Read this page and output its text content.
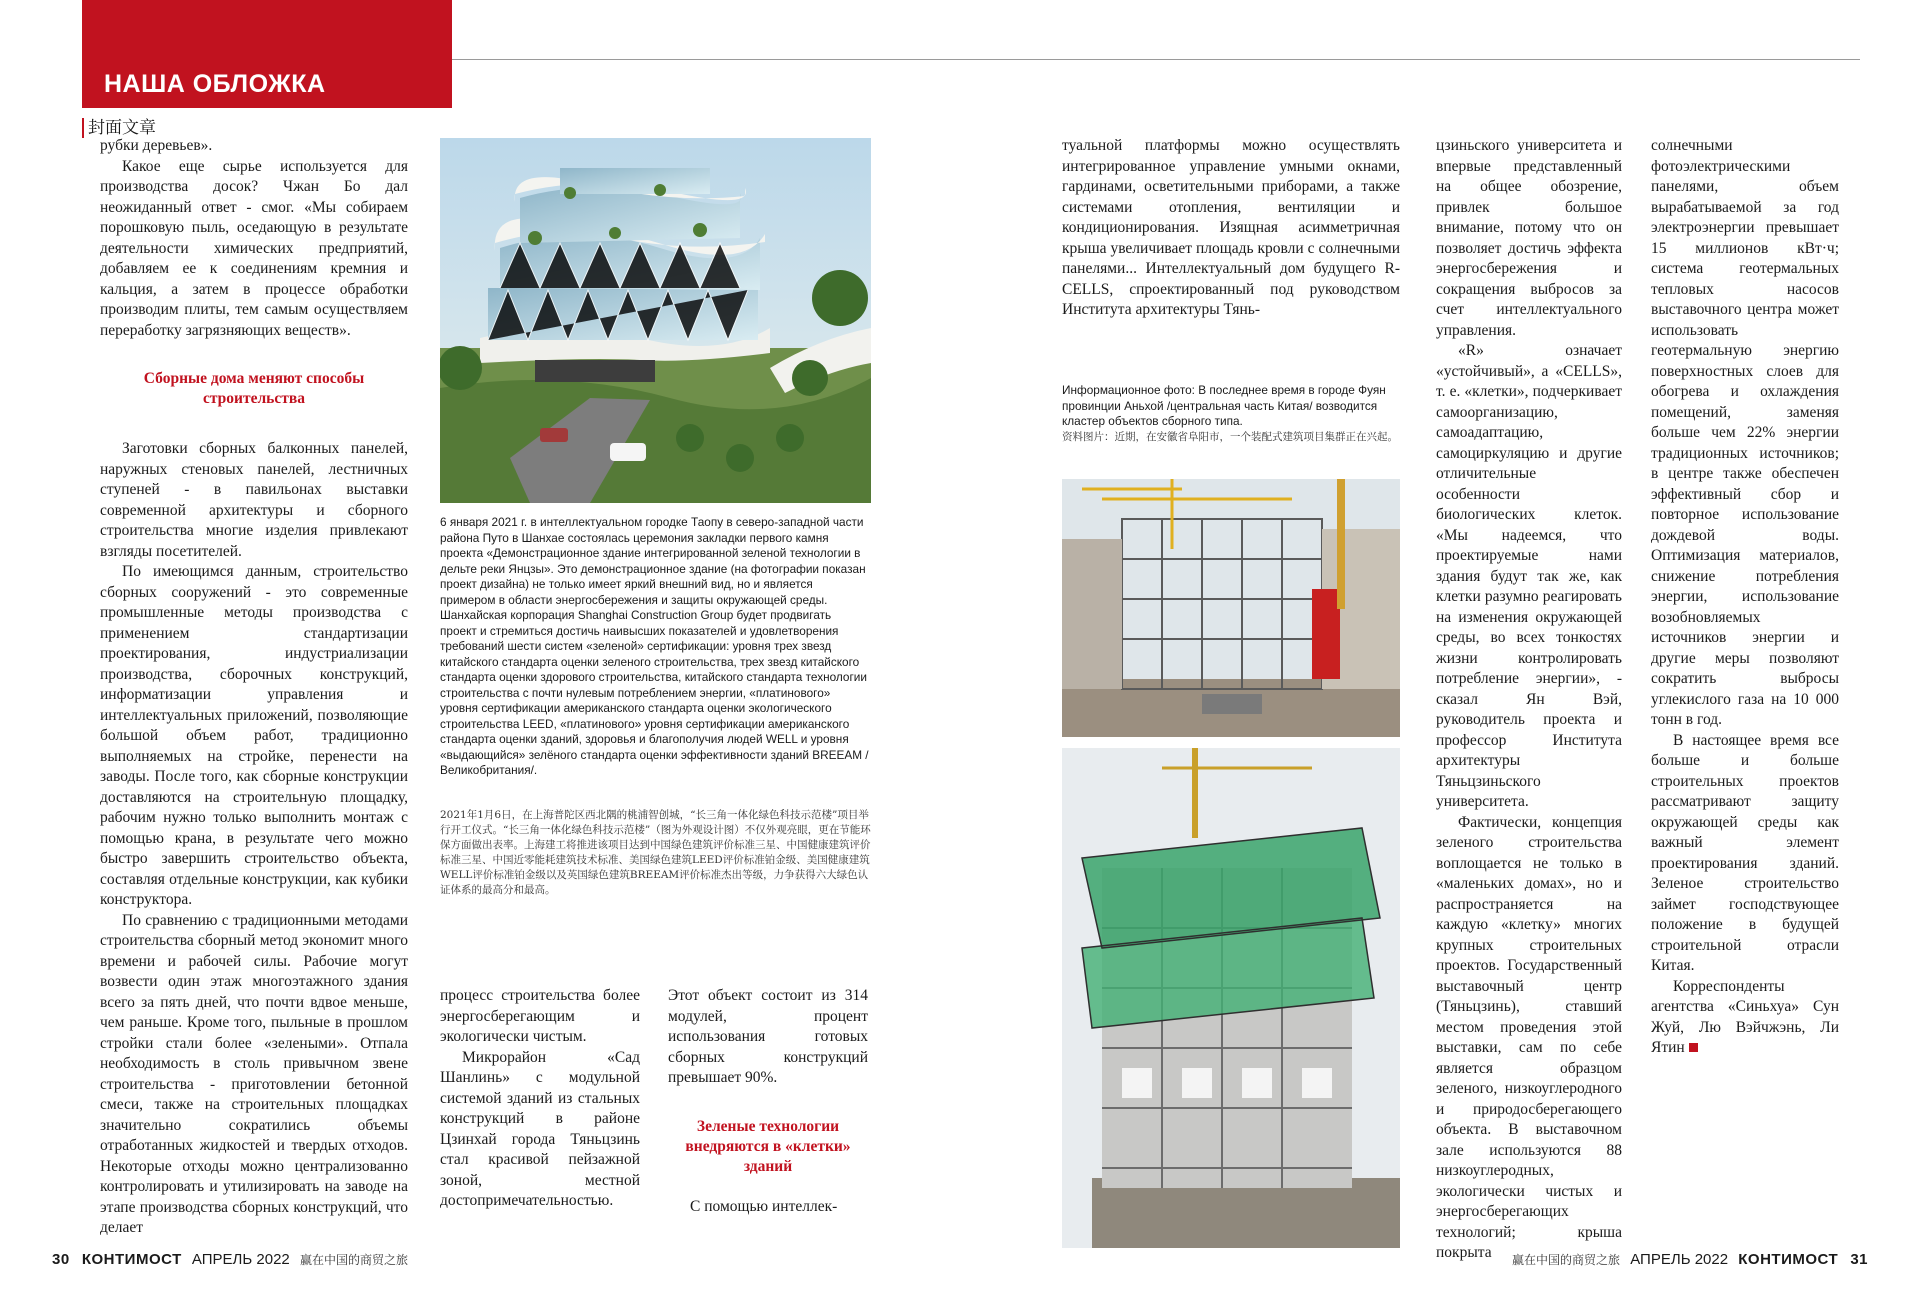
НАША ОБЛОЖКА
封面文章

рубки деревьев».

Какое еще сырье используется для производства досок? Чжан Бо дал неожиданный ответ - смог. «Мы собираем порошковую пыль, оседающую в результате деятельности химических предприятий, добавляем ее к соединениям кремния и кальция, а затем в процессе обработки производим плиты, тем самым осуществляем переработку загрязняющих веществ».

Сборные дома меняют способы строительства

Заготовки сборных балконных панелей, наружных стеновых панелей, лестничных ступеней - в павильонах выставки современной архитектуры и сборного строительства многие изделия привлекают взгляды посетителей.

По имеющимся данным, строительство сборных сооружений - это современные промышленные методы производства с применением стандартизации проектирования, индустриализации производства, сборочных конструкций, информатизации управления и интеллектуальных приложений, позволяющие большой объем работ, традиционно выполняемых на стройке, перенести на заводы. После того, как сборные конструкции доставляются на строительную площадку, рабочим нужно только выполнить монтаж с помощью крана, в результате чего можно быстро завершить строительство объекта, составляя отдельные конструкции, как кубики конструктора.

По сравнению с традиционными методами строительства сборный метод экономит много времени и рабочей силы. Рабочие могут возвести один этаж многоэтажного здания всего за пять дней, что почти вдвое меньше, чем раньше. Кроме того, пыльные в прошлом стройки стали более «зелеными». Отпала необходимость в столь привычном звене строительства - приготовлении бетонной смеси, также на строительных площадках значительно сократились объемы отработанных жидкостей и твердых отходов. Некоторые отходы можно централизованно контролировать и утилизировать на заводе на этапе производства сборных конструкций, что делает

6 января 2021 г. в интеллектуальном городке Таопу в северо-западной части района Путо в Шанхае состоялась церемония закладки первого камня проекта «Демонстрационное здание интегрированной зеленой технологии в дельте реки Янцзы». Это демонстрационное здание (на фотографии показан проект дизайна) не только имеет яркий внешний вид, но и является примером в области энергосбережения и защиты окружающей среды. Шанхайская корпорация Shanghai Construction Group будет продвигать проект и стремиться достичь наивысших показателей и удовлетворения требований шести систем «зеленой» сертификации: уровня трех звезд китайского стандарта оценки зеленого строительства, трех звезд китайского стандарта оценки здорового строительства, китайского стандарта технологии строительства с почти нулевым потреблением энергии, «платинового» уровня сертификации американского стандарта оценки экологического строительства LEED, «платинового» уровня сертификации американского стандарта оценки зданий, здоровья и благополучия людей WELL и уровня «выдающийся» зелёного стандарта оценки эффективности зданий BREEAM /Великобритания/.
2021年1月6日，在上海普陀区西北隅的桃浦智创城，“长三角一体化绿色科技示范楼”项目举行开工仪式。“长三角一体化绿色科技示范楼”（图为外观设计图）不仅外观亮眼，更在节能环保方面做出表率。上海建工将推进该项目达到中国绿色建筑评价标准三星、中国健康建筑评价标准三星、中国近零能耗建筑技术标准、美国绿色建筑LEED评价标准铂金级、美国健康建筑WELL评价标准铂金级以及英国绿色建筑BREEAM评价标准杰出等级，力争获得六大绿色认证体系的最高分和最高。

процесс строительства более энергосберегающим и экологически чистым.

Микрорайон «Сад Шанлинь» с модульной системой зданий из стальных конструкций в районе Цзинхай города Тяньцзинь стал красивой пейзажной зоной, местной достопримечательностью.

Этот объект состоит из 314 модулей, процент использования готовых сборных конструкций превышает 90%.

Зеленые технологии внедряются в «клетки» зданий

С помощью интеллек-

туальной платформы можно осуществлять интегрированное управление умными окнами, гардинами, осветительными приборами, а также системами отопления, вентиляции и кондиционирования. Изящная асимметричная крыша увеличивает площадь кровли с солнечными панелями... Интеллектуальный дом будущего R-CELLS, спроектированный под руководством Института архитектуры Тянь-

Информационное фото: В последнее время в городе Фуян провинции Аньхой /центральная часть Китая/ возводится кластер объектов сборного типа.
资料图片：近期，在安徽省阜阳市，一个装配式建筑项目集群正在兴起。

цзиньского университета и впервые представленный на общее обозрение, привлек большое внимание, потому что он позволяет достичь эффекта энергосбережения и сокращения выбросов за счет интеллектуального управления.

«R» означает «устойчивый», а «CELLS», т. е. «клетки», подчеркивает самоорганизацию, самоадаптацию, самоциркуляцию и другие отличительные особенности биологических клеток. «Мы надеемся, что проектируемые нами здания будут так же, как клетки разумно реагировать на изменения окружающей среды, во всех тонкостях жизни контролировать потребление энергии», - сказал Ян Вэй, руководитель проекта и профессор Института архитектуры Тяньцзиньского университета.

Фактически, концепция зеленого строительства воплощается не только в «маленьких домах», но и распространяется на каждую «клетку» многих крупных строительных проектов. Государственный выставочный центр (Тяньцзинь), ставший местом проведения этой выставки, сам по себе является образцом зеленого, низкоуглеродного и природосберегающего объекта. В выставочном зале используются 88 низкоуглеродных, экологически чистых и энергосберегающих технологий; крыша покрыта

солнечными фотоэлектрическими панелями, объем вырабатываемой за год электроэнергии превышает 15 миллионов кВт·ч; система геотермальных тепловых насосов выставочного центра может использовать геотермальную энергию поверхностных слоев для обогрева и охлаждения помещений, заменяя больше чем 22% энергии традиционных источников; в центре также обеспечен эффективный сбор и повторное использование дождевой воды. Оптимизация материалов, снижение потребления энергии, использование возобновляемых источников энергии и другие меры позволяют сократить выбросы углекислого газа на 10 000 тонн в год.

В настоящее время все больше и больше строительных проектов рассматривают защиту окружающей среды как важный элемент проектирования зданий. Зеленое строительство займет господствующее положение в будущей строительной отрасли Китая.

Корреспонденты агентства «Синьхуа» Сун Жуй, Лю Вэйчжэнь, Ли Ятин

30 КОНТИМОСТ АПРЕЛЬ 2022 赢在中国的商贸之旅	赢在中国的商贸之旅 АПРЕЛЬ 2022 КОНТИМОСТ 31
